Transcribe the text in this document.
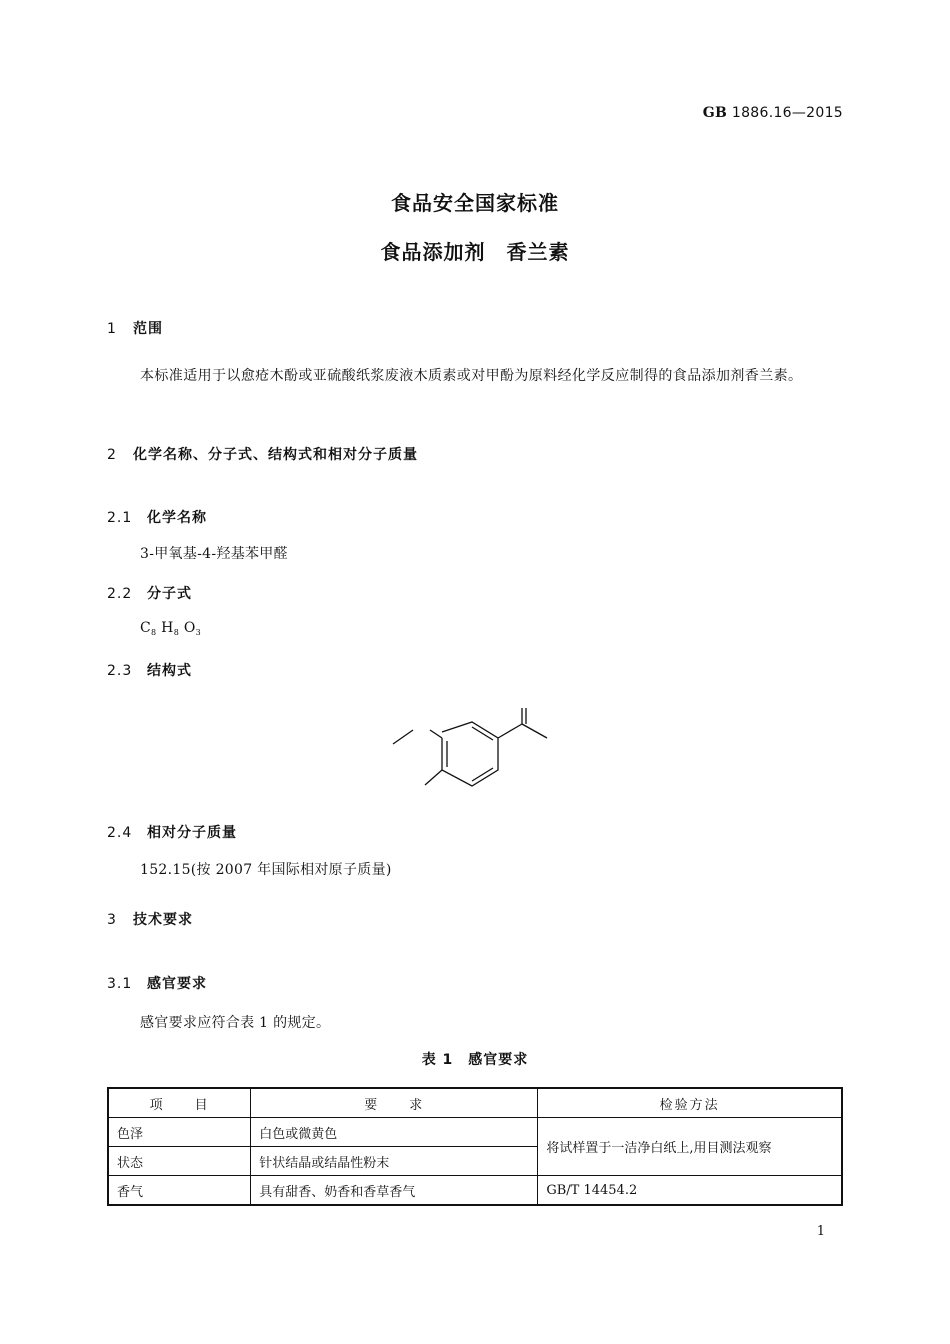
GB 1886.16—2015
食品安全国家标准
食品添加剂　香兰素
1 范围
本标准适用于以愈疮木酚或亚硫酸纸浆废液木质素或对甲酚为原料经化学反应制得的食品添加剂香兰素。
2 化学名称、分子式、结构式和相对分子质量
2.1 化学名称
3-甲氧基-4-羟基苯甲醛
2.2 分子式
$C_8$ $H_8$ $O_3$
2.3 结构式
2.4 相对分子质量
152.15(按 2007 年国际相对原子质量)
3 技术要求
3.1 感官要求
感官要求应符合表 1 的规定。
表 1　感官要求
项　　目	要　　求	检验方法
色泽	白色或微黄色	将试样置于一洁净白纸上,用目测法观察
状态	针状结晶或结晶性粉末	
香气	具有甜香、奶香和香草香气	GB/T 14454.2
1
